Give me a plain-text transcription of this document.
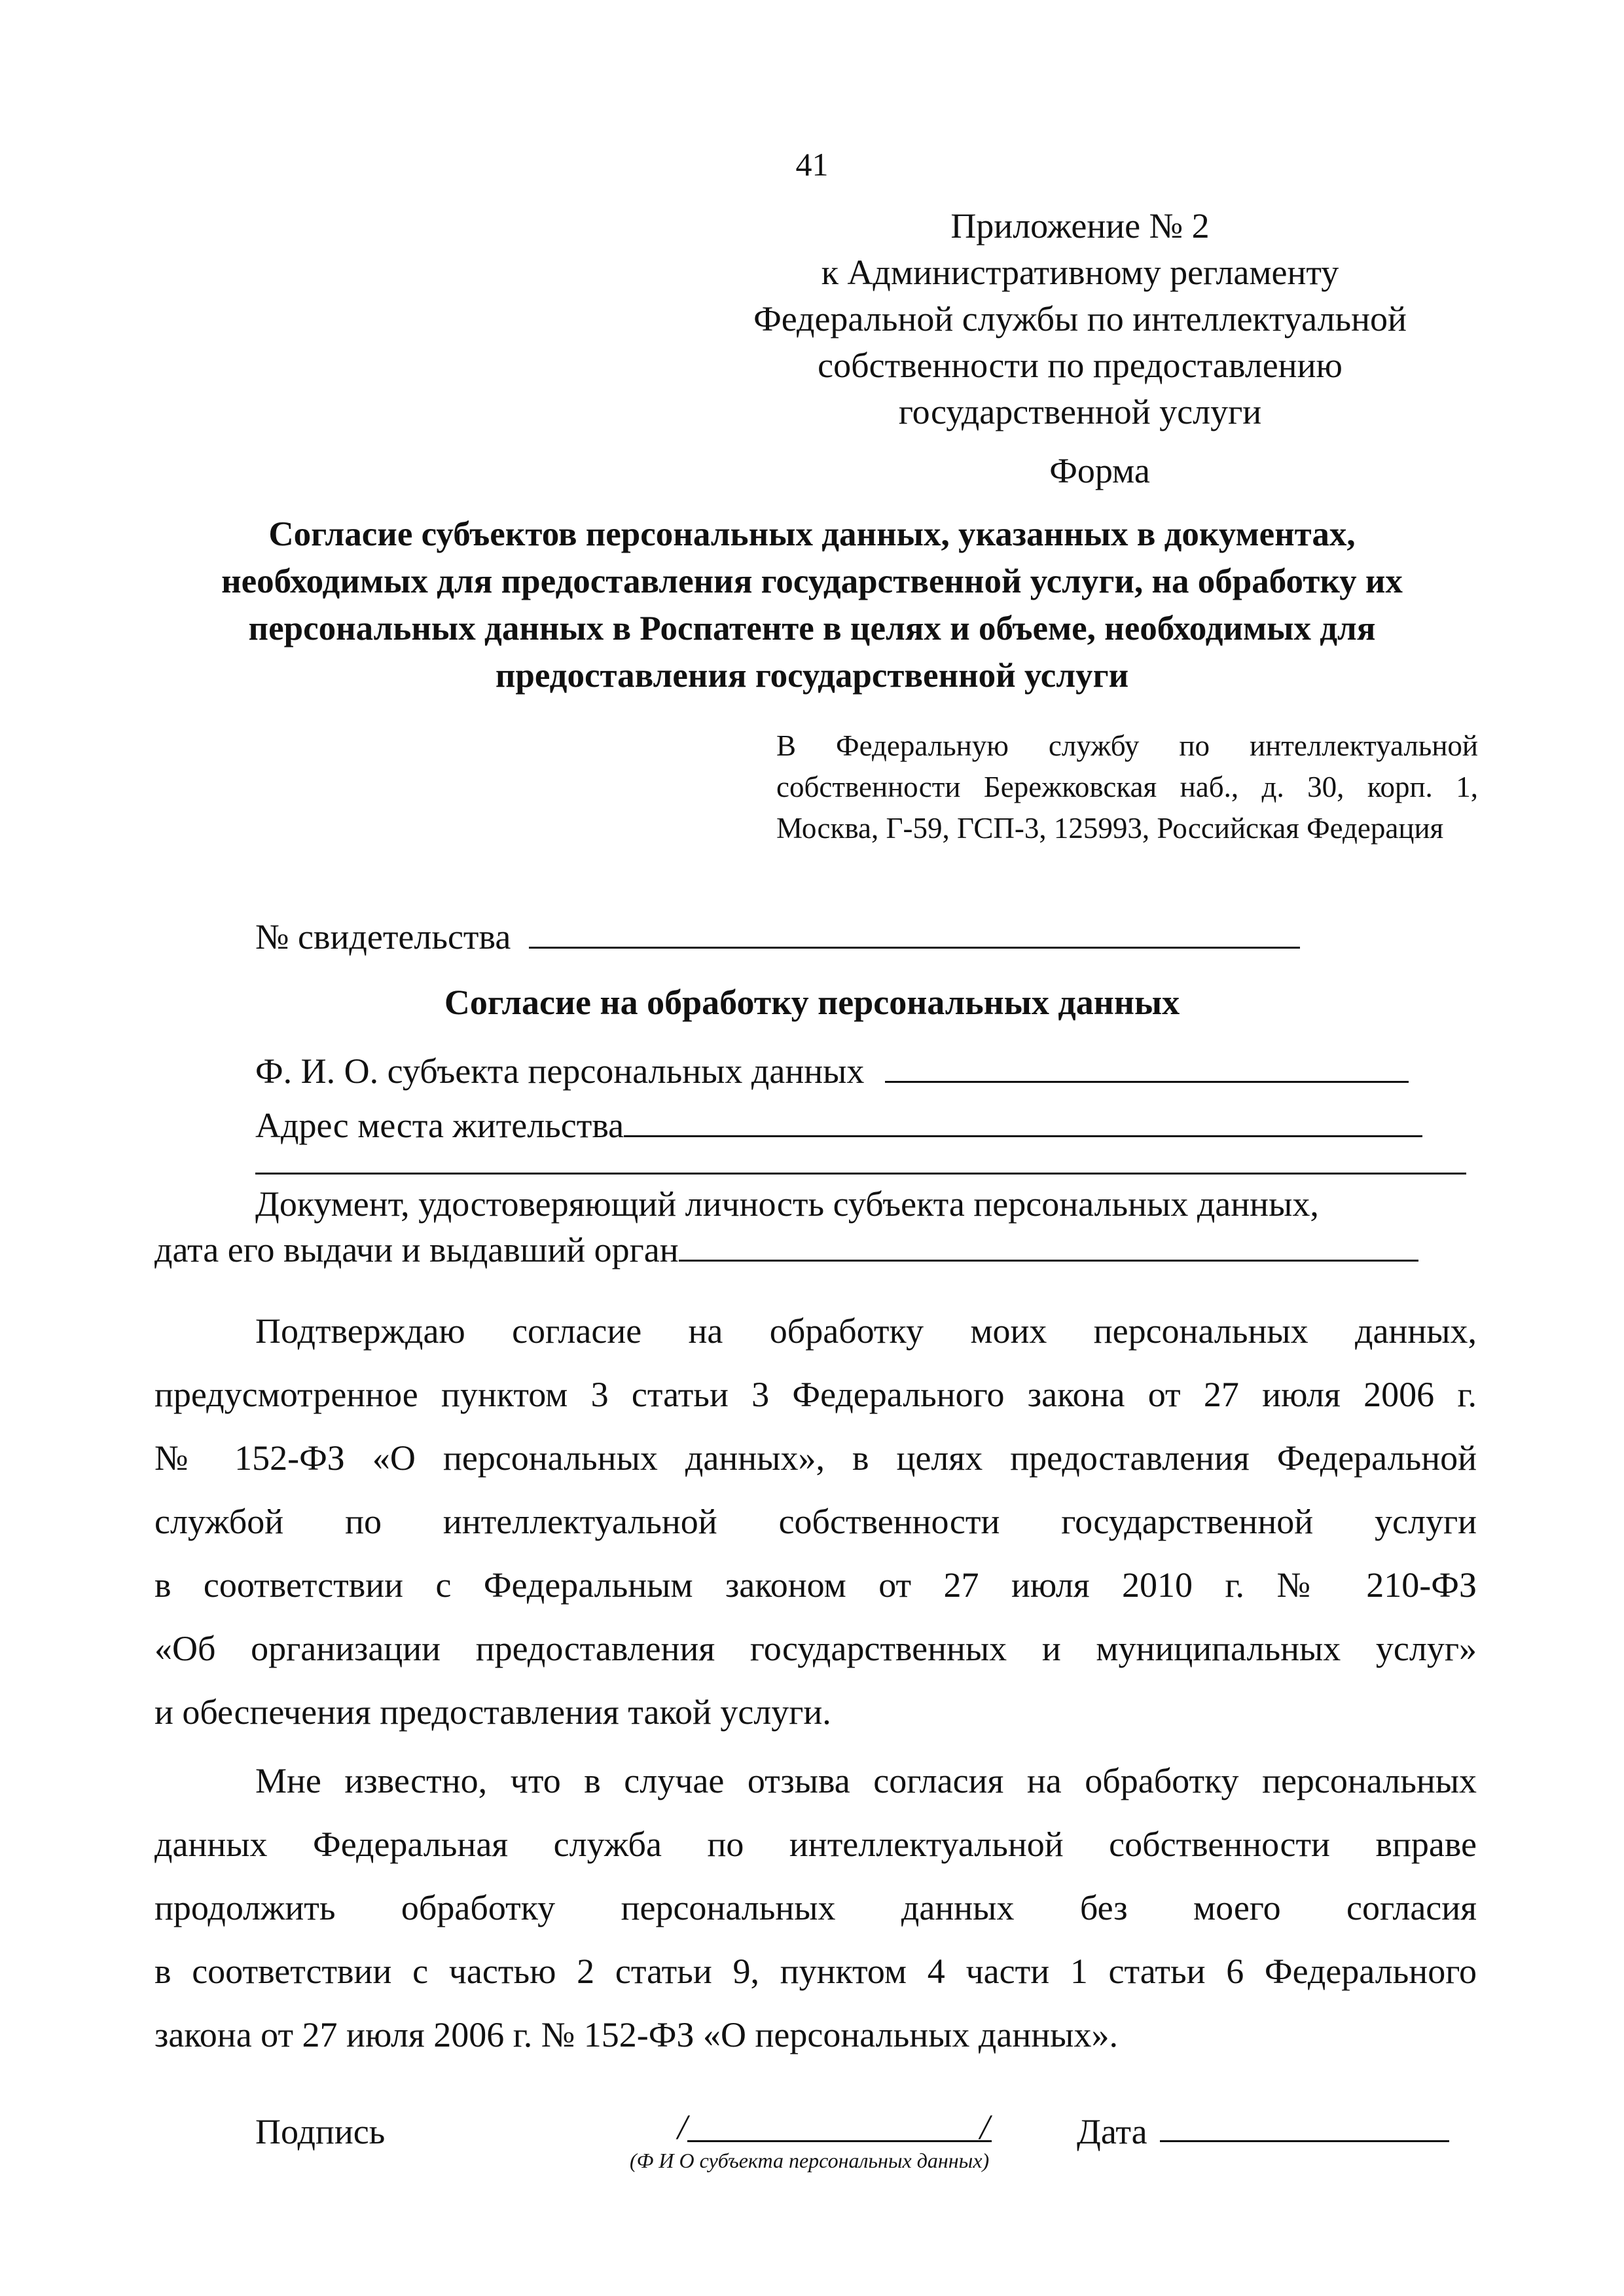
41
Приложение № 2
к Административному регламенту
Федеральной службы по интеллектуальной
собственности по предоставлению
государственной услуги
Форма
Согласие субъектов персональных данных, указанных в документах,
необходимых для предоставления государственной услуги, на обработку их
персональных данных в Роспатенте в целях и объеме, необходимых для
предоставления государственной услуги
В Федеральную службу по интеллектуальной собственности Бережковская наб., д. 30, корп. 1, Москва, Г-59, ГСП-3, 125993, Российская Федерация
№ свидетельства
Согласие на обработку персональных данных
Ф. И. О. субъекта персональных данных
Адрес места жительства
Документ, удостоверяющий личность субъекта персональных данных,
дата его выдачи и выдавший орган
Подтверждаю согласие на обработку моих персональных данных,
предусмотренное пунктом 3 статьи 3 Федерального закона от 27 июля 2006 г.
№ 152-ФЗ «О персональных данных», в целях предоставления Федеральной
службой по интеллектуальной собственности государственной услуги
в соответствии с Федеральным законом от 27 июля 2010 г. № 210-ФЗ
«Об организации предоставления государственных и муниципальных услуг»
и обеспечения предоставления такой услуги.
Мне известно, что в случае отзыва согласия на обработку персональных
данных Федеральная служба по интеллектуальной собственности вправе
продолжить обработку персональных данных без моего согласия
в соответствии с частью 2 статьи 9, пунктом 4 части 1 статьи 6 Федерального
закона от 27 июля 2006 г. № 152-ФЗ «О персональных данных».
Подпись	/	/
(Ф И О субъекта персональных данных)
Дата
